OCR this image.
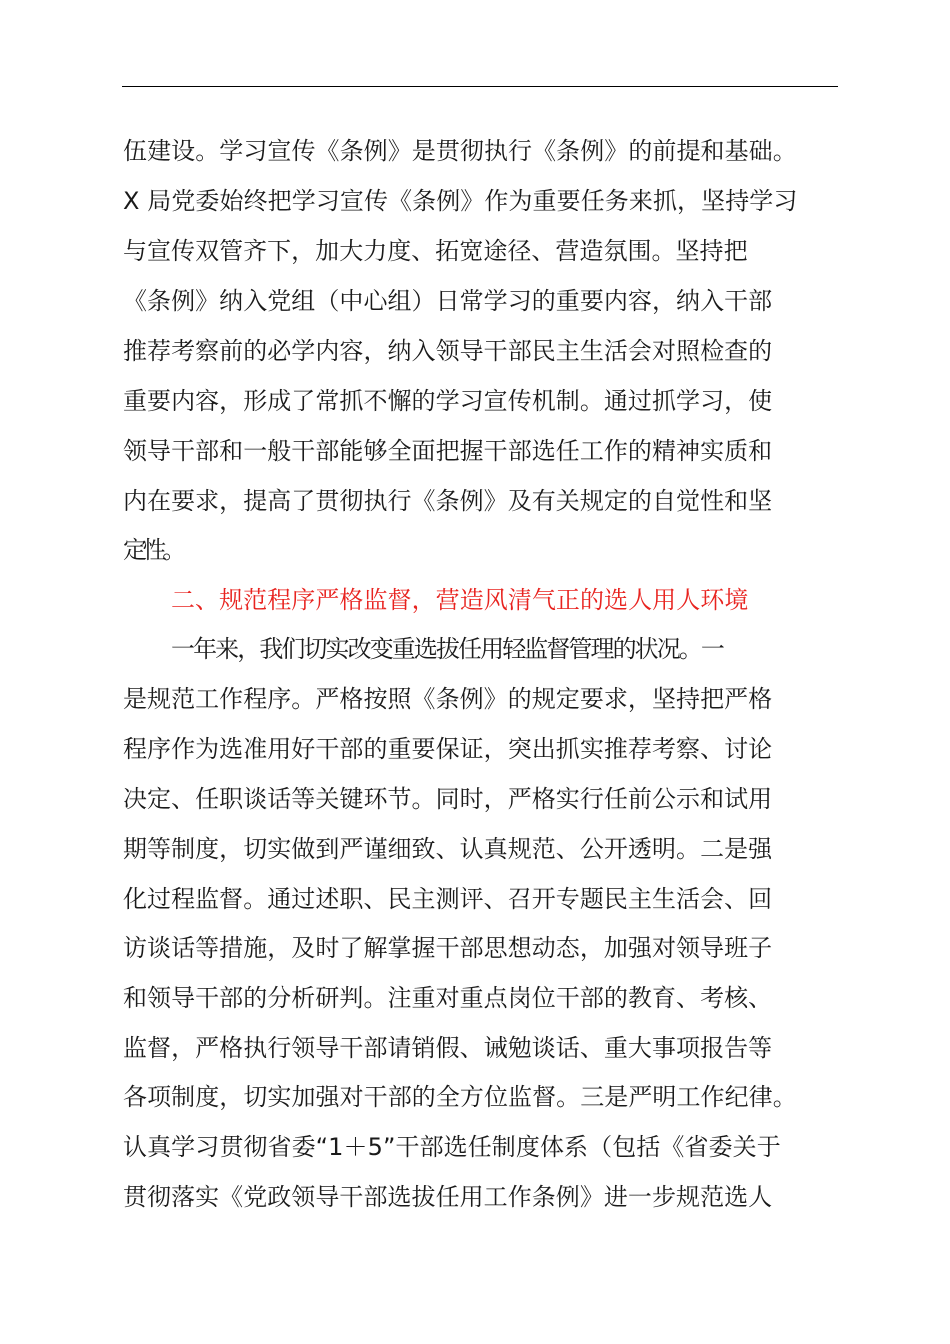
伍建设。学习宣传《条例》是贯彻执行《条例》的前提和基础。
X 局党委始终把学习宣传《条例》作为重要任务来抓，坚持学习
与宣传双管齐下，加大力度、拓宽途径、营造氛围。坚持把
《条例》纳入党组（中心组）日常学习的重要内容，纳入干部
推荐考察前的必学内容，纳入领导干部民主生活会对照检查的
重要内容，形成了常抓不懈的学习宣传机制。通过抓学习，使
领导干部和一般干部能够全面把握干部选任工作的精神实质和
内在要求，提高了贯彻执行《条例》及有关规定的自觉性和坚
定性。
二、规范程序严格监督，营造风清气正的选人用人环境
一年来，我们切实改变重选拔任用轻监督管理的状况。一
是规范工作程序。严格按照《条例》的规定要求，坚持把严格
程序作为选准用好干部的重要保证，突出抓实推荐考察、讨论
决定、任职谈话等关键环节。同时，严格实行任前公示和试用
期等制度，切实做到严谨细致、认真规范、公开透明。二是强
化过程监督。通过述职、民主测评、召开专题民主生活会、回
访谈话等措施，及时了解掌握干部思想动态，加强对领导班子
和领导干部的分析研判。注重对重点岗位干部的教育、考核、
监督，严格执行领导干部请销假、诫勉谈话、重大事项报告等
各项制度，切实加强对干部的全方位监督。三是严明工作纪律。
认真学习贯彻省委“1＋5”干部选任制度体系（包括《省委关于
贯彻落实《党政领导干部选拔任用工作条例》进一步规范选人
